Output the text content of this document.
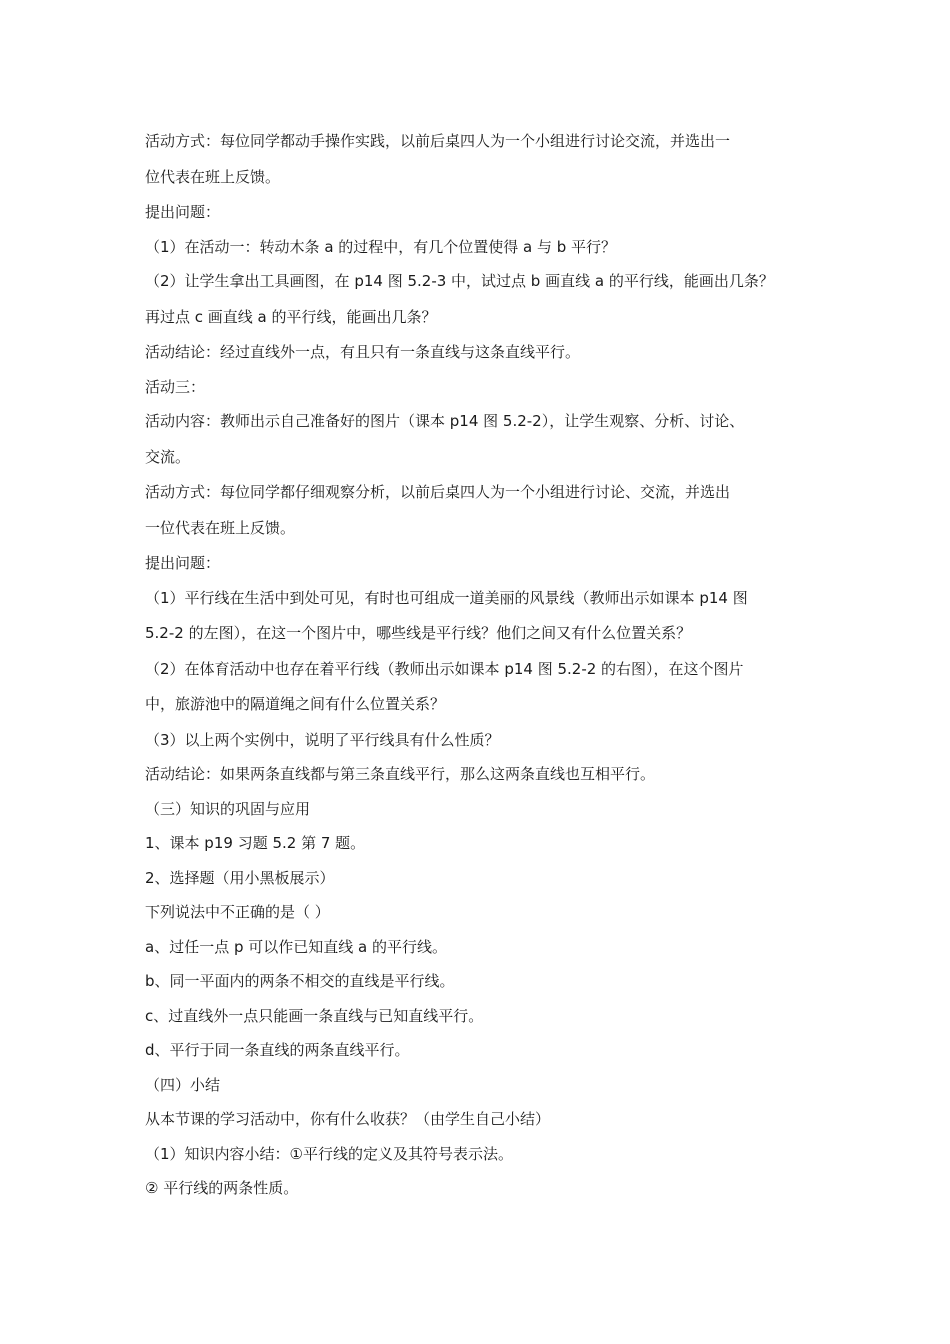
活动方式：每位同学都动手操作实践，以前后桌四人为一个小组进行讨论交流，并选出一
位代表在班上反馈。
提出问题：
（1）在活动一：转动木条 a 的过程中，有几个位置使得 a 与 b 平行？
（2）让学生拿出工具画图，在 p14 图 5.2-3 中，试过点 b 画直线 a 的平行线，能画出几条？
再过点 c 画直线 a 的平行线，能画出几条？
活动结论：经过直线外一点，有且只有一条直线与这条直线平行。
活动三：
活动内容：教师出示自己准备好的图片（课本 p14 图 5.2-2），让学生观察、分析、讨论、
交流。
活动方式：每位同学都仔细观察分析，以前后桌四人为一个小组进行讨论、交流，并选出
一位代表在班上反馈。
提出问题：
（1）平行线在生活中到处可见，有时也可组成一道美丽的风景线（教师出示如课本 p14 图
5.2-2 的左图），在这一个图片中，哪些线是平行线？他们之间又有什么位置关系？
（2）在体育活动中也存在着平行线（教师出示如课本 p14 图 5.2-2 的右图），在这个图片
中，旅游池中的隔道绳之间有什么位置关系？
（3）以上两个实例中，说明了平行线具有什么性质？
活动结论：如果两条直线都与第三条直线平行，那么这两条直线也互相平行。
（三）知识的巩固与应用
1、课本 p19 习题 5.2 第 7 题。
2、选择题（用小黑板展示）
下列说法中不正确的是（ ）
a、过任一点 p 可以作已知直线 a 的平行线。
b、同一平面内的两条不相交的直线是平行线。
c、过直线外一点只能画一条直线与已知直线平行。
d、平行于同一条直线的两条直线平行。
（四）小结
从本节课的学习活动中，你有什么收获？（由学生自己小结）
（1）知识内容小结：①平行线的定义及其符号表示法。
② 平行线的两条性质。
